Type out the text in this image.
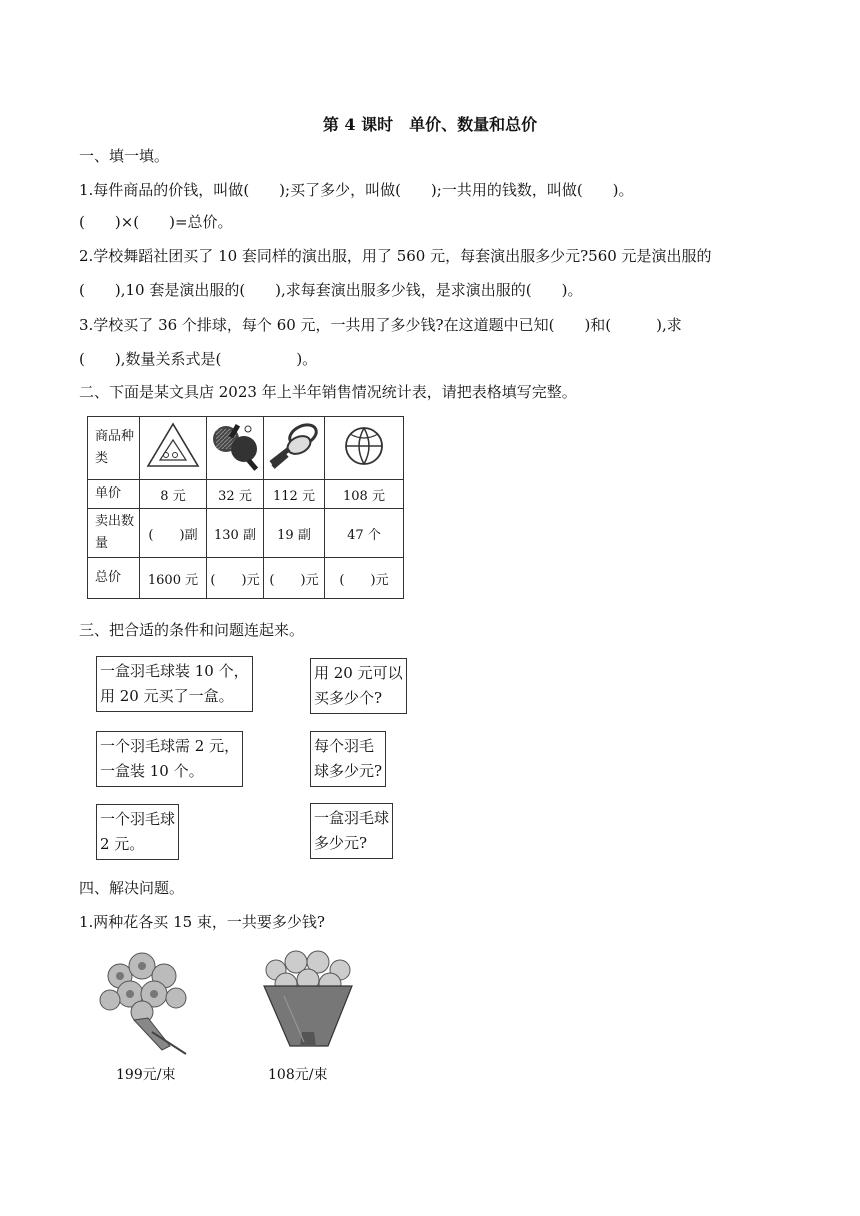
第 4 课时　单价、数量和总价
一、填一填。
1.每件商品的价钱，叫做(　　);买了多少，叫做(　　);一共用的钱数，叫做(　　)。
(　　)×(　　)=总价。
2.学校舞蹈社团买了 10 套同样的演出服，用了 560 元，每套演出服多少元?560 元是演出服的
(　　),10 套是演出服的(　　),求每套演出服多少钱，是求演出服的(　　)。
3.学校买了 36 个排球，每个 60 元，一共用了多少钱?在这道题中已知(　　)和(　　　),求
(　　),数量关系式是(　　　　　)。
二、下面是某文具店 2023 年上半年销售情况统计表，请把表格填写完整。
商品种类				
单价	8 元	32 元	112 元	108 元
卖出数量	(　　)副	130 副	19 副	47 个
总价	1600 元	(　　)元	(　　)元	(　　)元
三、把合适的条件和问题连起来。
一盒羽毛球装 10 个，
用 20 元买了一盒。
一个羽毛球需 2 元，
一盒装 10 个。
一个羽毛球
2 元。
用 20 元可以
买多少个?
每个羽毛
球多少元?
一盒羽毛球
多少元?
四、解决问题。
1.两种花各买 15 束，一共要多少钱?
199元/束	108元/束
